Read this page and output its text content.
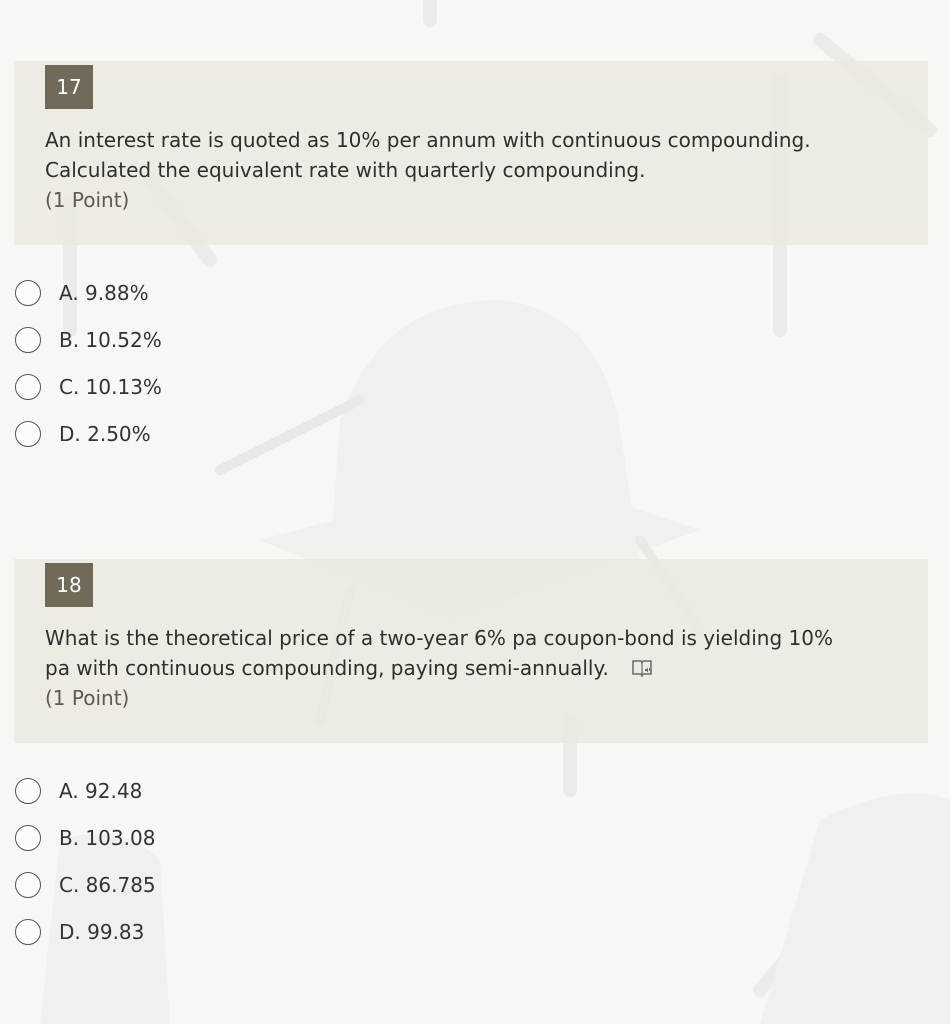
17

An interest rate is quoted as 10% per annum with continuous compounding.
Calculated the equivalent rate with quarterly compounding.

(1 Point)
A. 9.88%
B. 10.52%
C. 10.13%
D. 2.50%
18

What is the theoretical price of a two-year 6% pa coupon-bond is yielding 10%
pa with continuous compounding, paying semi-annually.

(1 Point)
A. 92.48
B. 103.08
C. 86.785
D. 99.83
